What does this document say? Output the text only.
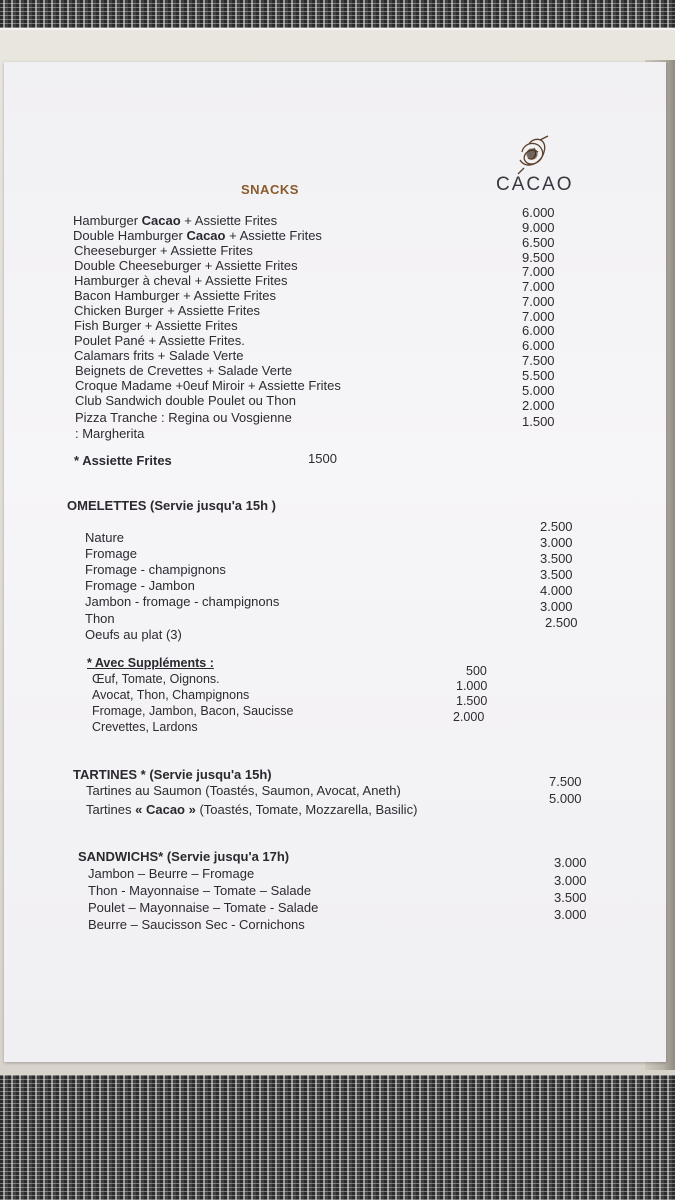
CACAO
SNACKS
Hamburger Cacao + Assiette Frites
Double Hamburger Cacao + Assiette Frites
Cheeseburger + Assiette Frites
Double Cheeseburger + Assiette Frites
Hamburger à cheval + Assiette Frites
Bacon Hamburger + Assiette Frites
Chicken Burger + Assiette Frites
Fish Burger + Assiette Frites
Poulet Pané + Assiette Frites.
Calamars frits + Salade Verte
Beignets de Crevettes + Salade Verte
Croque Madame +0euf Miroir + Assiette Frites
Club Sandwich double Poulet ou Thon
Pizza Tranche : Regina ou Vosgienne
: Margherita
6.000
9.000
6.500
9.500
7.000
7.000
7.000
7.000
6.000
6.000
7.500
5.500
5.000
2.000
1.500
* Assiette Frites	1500
OMELETTES (Servie jusqu'a 15h )
Nature
Fromage
Fromage - champignons
Fromage - Jambon
Jambon - fromage - champignons
Thon
Oeufs au plat (3)
2.500
3.000
3.500
3.500
4.000
3.000
2.500
* Avec Suppléments :
Œuf, Tomate, Oignons.
Avocat, Thon, Champignons
Fromage, Jambon, Bacon, Saucisse
Crevettes, Lardons
500
1.000
1.500
2.000
TARTINES * (Servie jusqu'a 15h)
Tartines au Saumon (Toastés, Saumon, Avocat, Aneth)
Tartines « Cacao » (Toastés, Tomate, Mozzarella, Basilic)
7.500
5.000
SANDWICHS* (Servie jusqu'a 17h)
Jambon – Beurre – Fromage
Thon - Mayonnaise – Tomate – Salade
Poulet – Mayonnaise – Tomate - Salade
Beurre – Saucisson Sec - Cornichons
3.000
3.000
3.500
3.000
